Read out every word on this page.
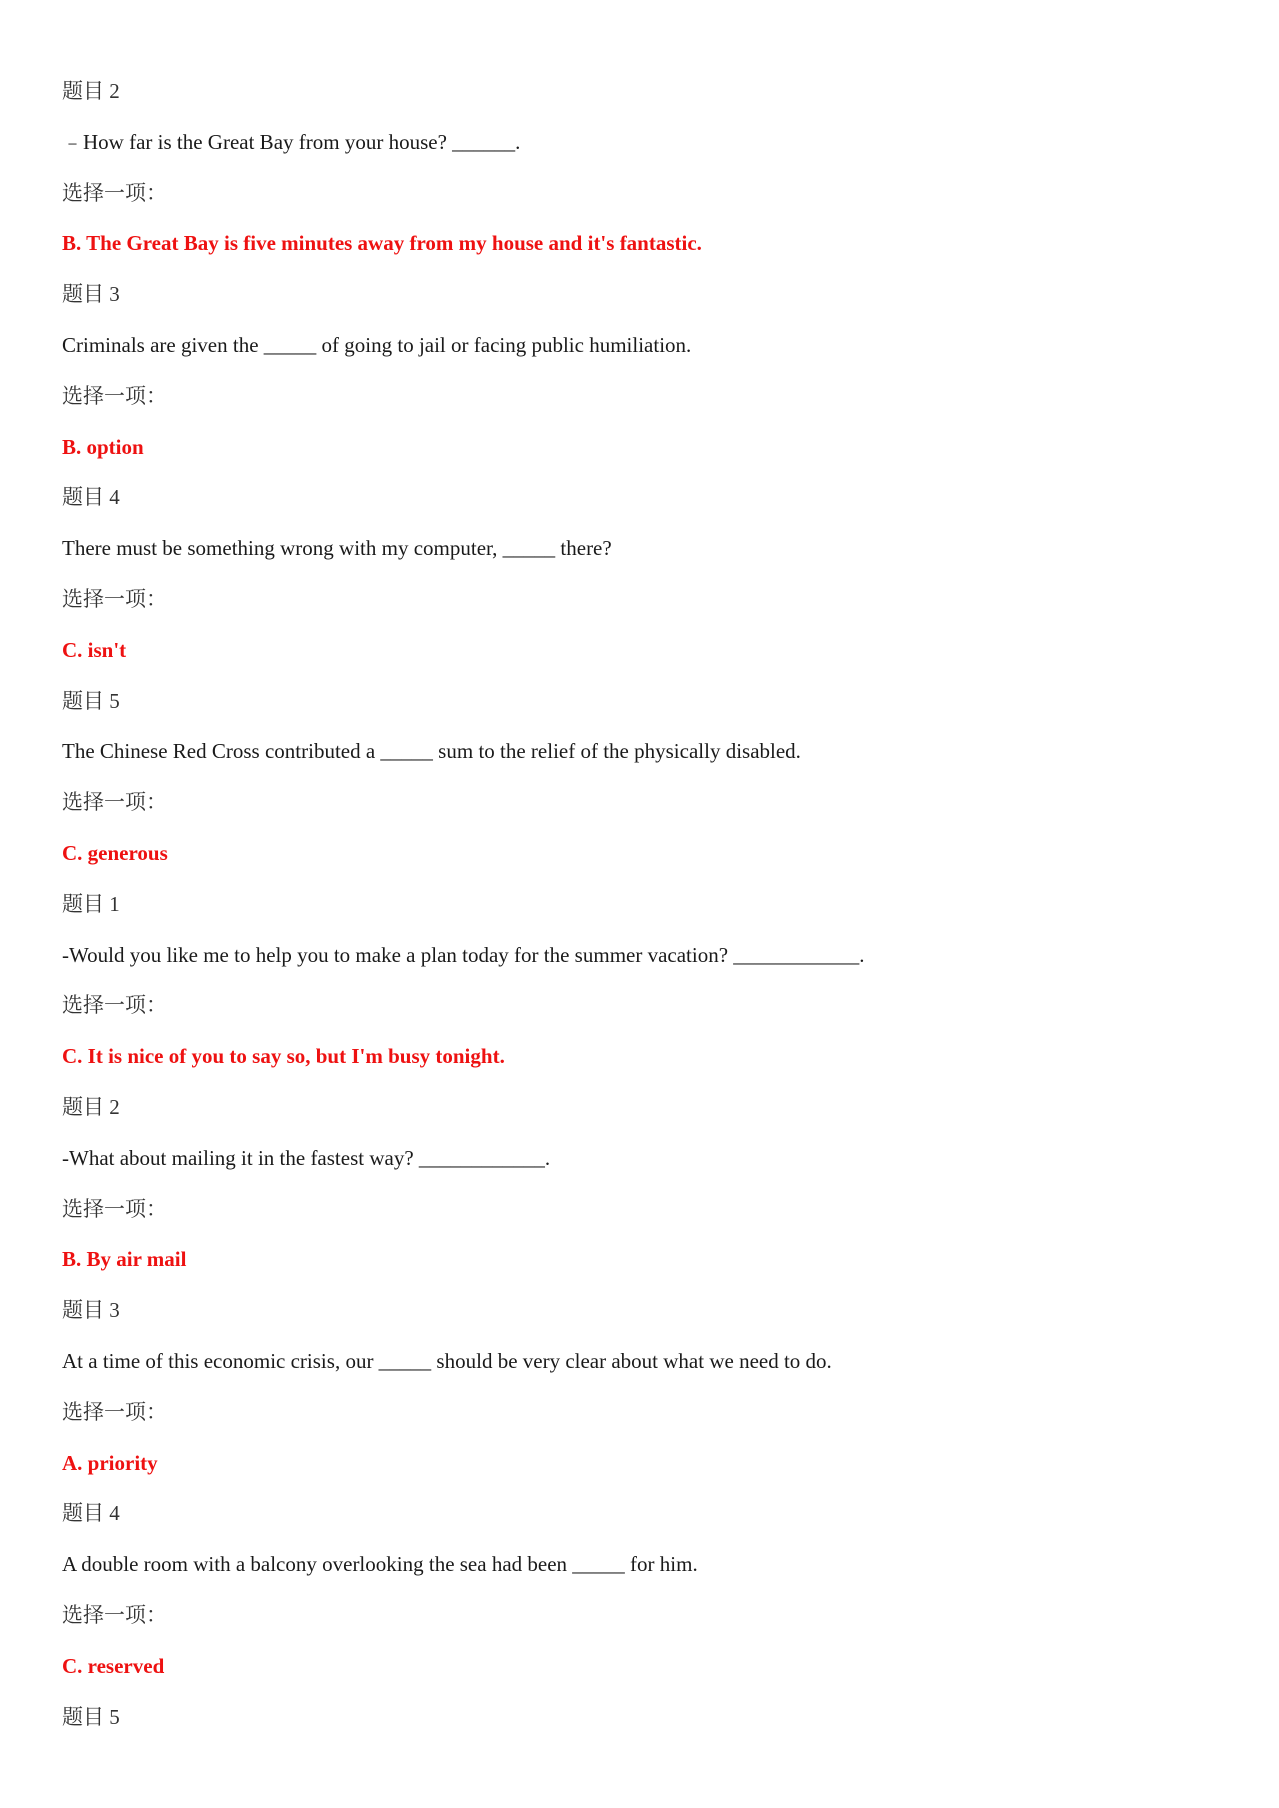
题目 2
﹣How far is the Great Bay from your house? ______.
选择一项：
B. The Great Bay is five minutes away from my house and it's fantastic.
题目 3
Criminals are given the _____ of going to jail or facing public humiliation.
选择一项：
B. option
题目 4
There must be something wrong with my computer, _____ there?
选择一项：
C. isn't
题目 5
The Chinese Red Cross contributed a _____ sum to the relief of the physically disabled.
选择一项：
C. generous
题目 1
-Would you like me to help you to make a plan today for the summer vacation? ____________.
选择一项：
C. It is nice of you to say so, but I'm busy tonight.
题目 2
-What about mailing it in the fastest way? ____________.
选择一项：
B. By air mail
题目 3
At a time of this economic crisis, our _____ should be very clear about what we need to do.
选择一项：
A. priority
题目 4
A double room with a balcony overlooking the sea had been _____ for him.
选择一项：
C. reserved
题目 5
